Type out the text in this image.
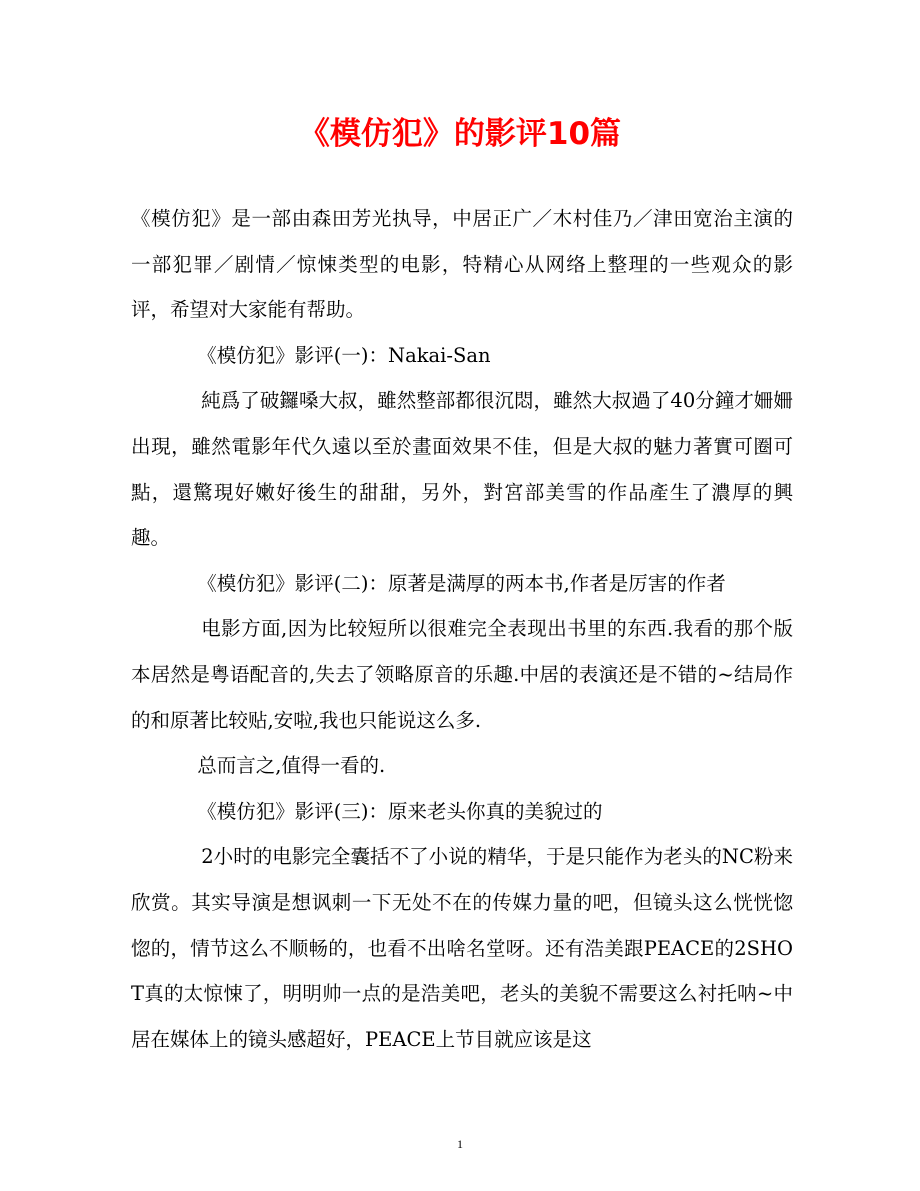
《模仿犯》的影评10篇

《模仿犯》是一部由森田芳光执导，中居正广／木村佳乃／津田宽治主演的一部犯罪／剧情／惊悚类型的电影，特精心从网络上整理的一些观众的影评，希望对大家能有帮助。

《模仿犯》影评(一)：Nakai-San

純爲了破鑼嗓大叔，雖然整部都很沉悶，雖然大叔過了40分鐘才姍姍出現，雖然電影年代久遠以至於畫面效果不佳，但是大叔的魅力著實可圈可點，還驚現好嫩好後生的甜甜，另外，對宮部美雪的作品產生了濃厚的興趣。

《模仿犯》影评(二)：原著是满厚的两本书,作者是厉害的作者

电影方面,因为比较短所以很难完全表现出书里的东西.我看的那个版本居然是粤语配音的,失去了领略原音的乐趣.中居的表演还是不错的~结局作的和原著比较贴,安啦,我也只能说这么多.

总而言之,值得一看的.

《模仿犯》影评(三)：原来老头你真的美貌过的

2小时的电影完全囊括不了小说的精华，于是只能作为老头的NC粉来欣赏。其实导演是想讽刺一下无处不在的传媒力量的吧，但镜头这么恍恍惚惚的，情节这么不顺畅的，也看不出啥名堂呀。还有浩美跟PEACE的2SHOT真的太惊悚了，明明帅一点的是浩美吧，老头的美貌不需要这么衬托呐~中居在媒体上的镜头感超好，PEACE上节目就应该是这

1
